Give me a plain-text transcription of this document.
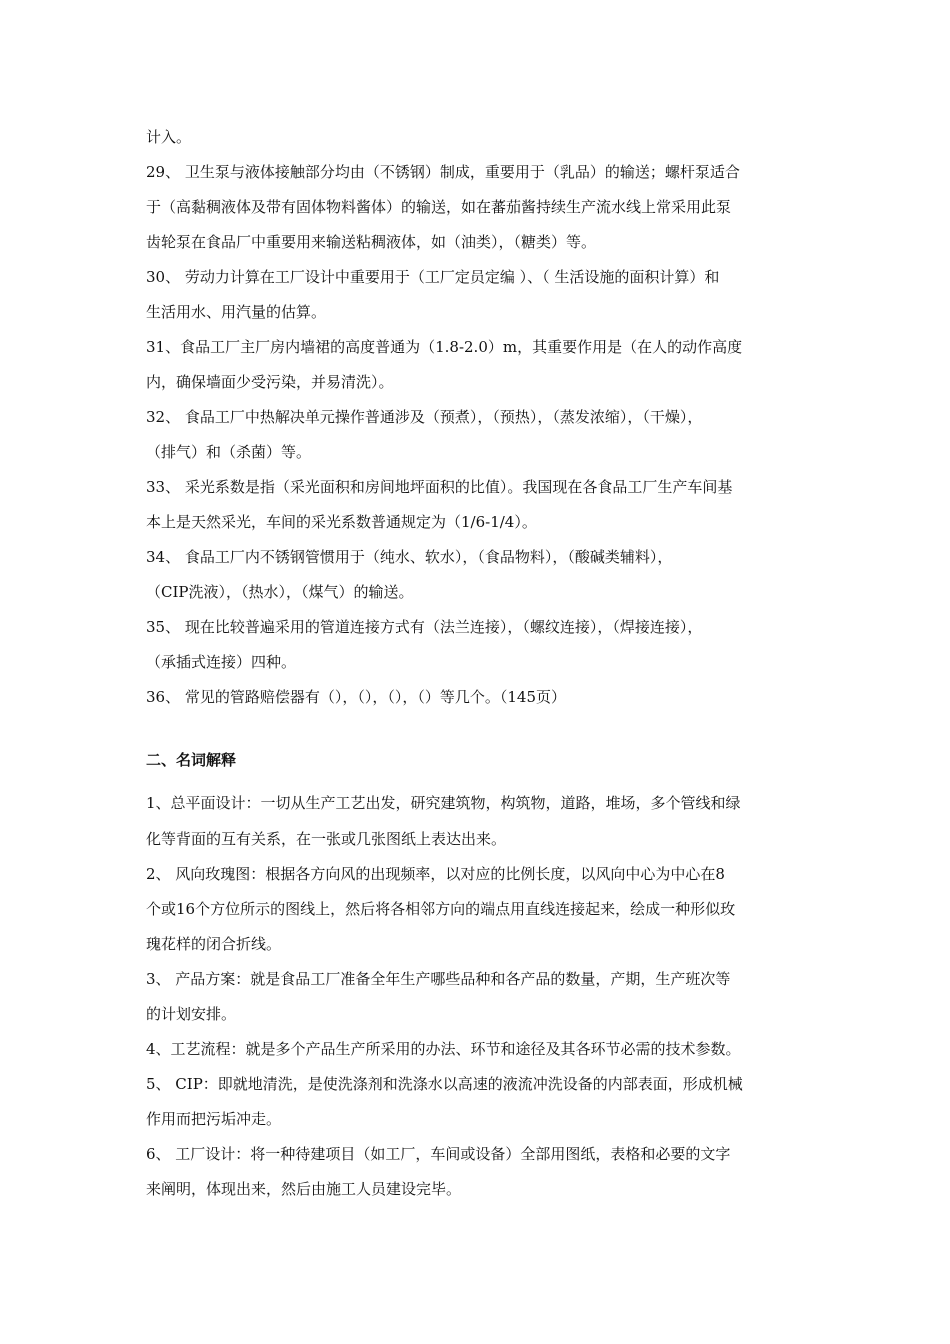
计入。
29、 卫生泵与液体接触部分均由（不锈钢）制成，重要用于（乳品）的输送；螺杆泵适合
于（高黏稠液体及带有固体物料酱体）的输送，如在蕃茄酱持续生产流水线上常采用此泵
齿轮泵在食品厂中重要用来输送粘稠液体，如（油类），（糖类）等。
30、 劳动力计算在工厂设计中重要用于（工厂定员定编 ）、（ 生活设施的面积计算）和
生活用水、用汽量的估算。
31、食品工厂主厂房内墙裙的高度普通为（1.8-2.0）m，其重要作用是（在人的动作高度
内，确保墙面少受污染，并易清洗）。
32、 食品工厂中热解决单元操作普通涉及（预煮），（预热），（蒸发浓缩），（干燥），
（排气）和（杀菌）等。
33、 采光系数是指（采光面积和房间地坪面积的比值）。我国现在各食品工厂生产车间基
本上是天然采光，车间的采光系数普通规定为（1/6-1/4）。
34、 食品工厂内不锈钢管惯用于（纯水、软水），（食品物料），（酸碱类辅料），
（CIP洗液），（热水），（煤气）的输送。
35、 现在比较普遍采用的管道连接方式有（法兰连接），（螺纹连接），（焊接连接），
（承插式连接）四种。
36、 常见的管路赔偿器有（），（），（），（）等几个。（145页）
二、名词解释
1、总平面设计：一切从生产工艺出发，研究建筑物，构筑物，道路，堆场，多个管线和绿
化等背面的互有关系，在一张或几张图纸上表达出来。
2、 风向玫瑰图：根据各方向风的出现频率，以对应的比例长度，以风向中心为中心在8
个或16个方位所示的图线上，然后将各相邻方向的端点用直线连接起来，绘成一种形似玫
瑰花样的闭合折线。
3、 产品方案：就是食品工厂准备全年生产哪些品种和各产品的数量，产期，生产班次等
的计划安排。
4、工艺流程：就是多个产品生产所采用的办法、环节和途径及其各环节必需的技术参数。
5、 CIP：即就地清洗，是使洗涤剂和洗涤水以高速的液流冲洗设备的内部表面，形成机械
作用而把污垢冲走。
6、 工厂设计：将一种待建项目（如工厂，车间或设备）全部用图纸，表格和必要的文字
来阐明，体现出来，然后由施工人员建设完毕。
